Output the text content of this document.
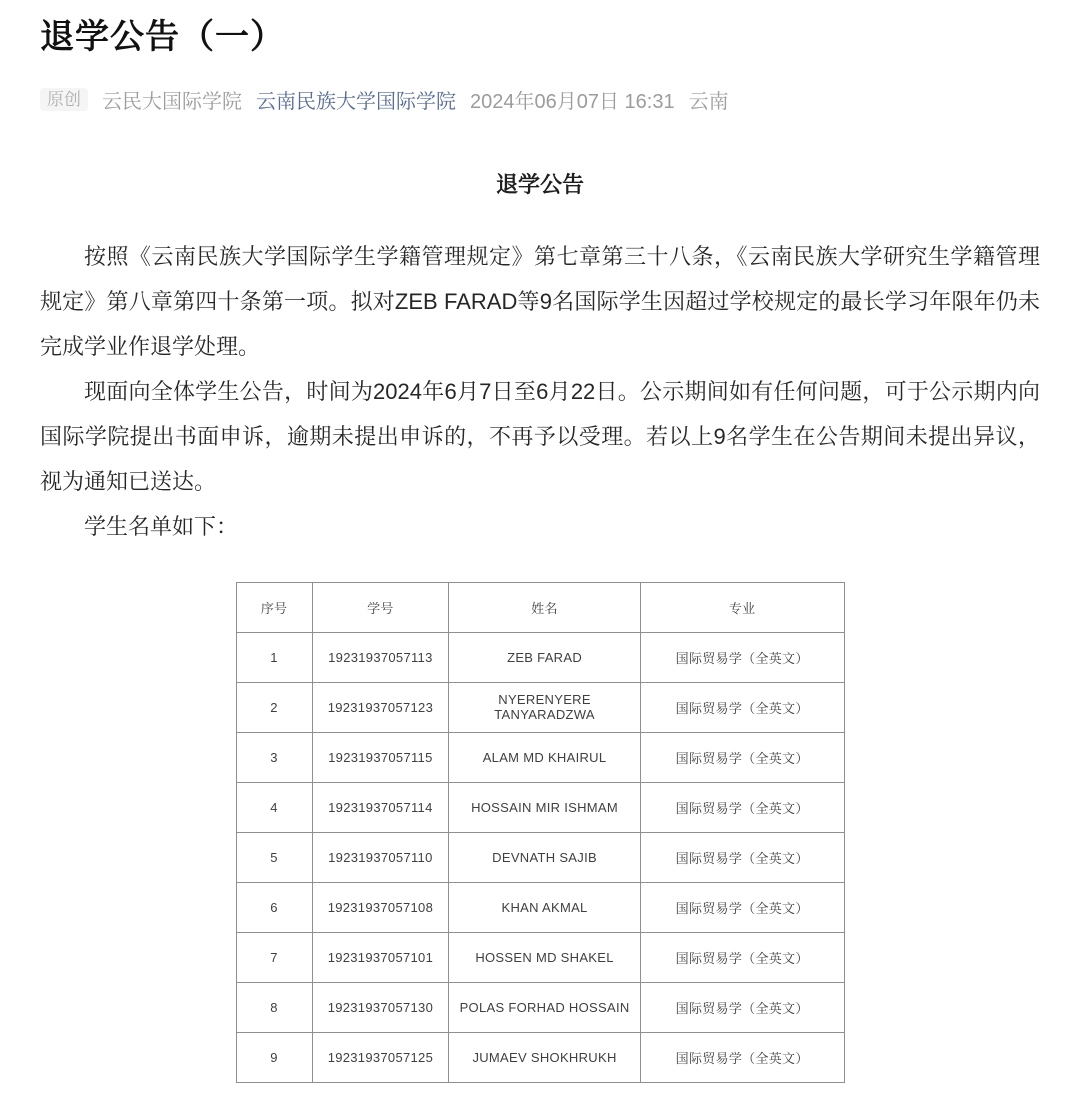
退学公告（一）
原创	云民大国际学院 云南民族大学国际学院 2024年06月07日 16:31 云南
退学公告

按照《云南民族大学国际学生学籍管理规定》第七章第三十八条，《云南民族大学研究生学籍管理规定》第八章第四十条第一项。拟对ZEB FARAD等9名国际学生因超过学校规定的最长学习年限年仍未完成学业作退学处理。

现面向全体学生公告，时间为2024年6月7日至6月22日。公示期间如有任何问题，可于公示期内向国际学院提出书面申诉，逾期未提出申诉的，不再予以受理。若以上9名学生在公告期间未提出异议，视为通知已送达。

学生名单如下：

序号	学号	姓名	专业
1	19231937057113	ZEB FARAD	国际贸易学（全英文）
2	19231937057123	NYERENYERE TANYARADZWA	国际贸易学（全英文）
3	19231937057115	ALAM MD KHAIRUL	国际贸易学（全英文）
4	19231937057114	HOSSAIN MIR ISHMAM	国际贸易学（全英文）
5	19231937057110	DEVNATH SAJIB	国际贸易学（全英文）
6	19231937057108	KHAN AKMAL	国际贸易学（全英文）
7	19231937057101	HOSSEN MD SHAKEL	国际贸易学（全英文）
8	19231937057130	POLAS FORHAD HOSSAIN	国际贸易学（全英文）
9	19231937057125	JUMAEV SHOKHRUKH	国际贸易学（全英文）
